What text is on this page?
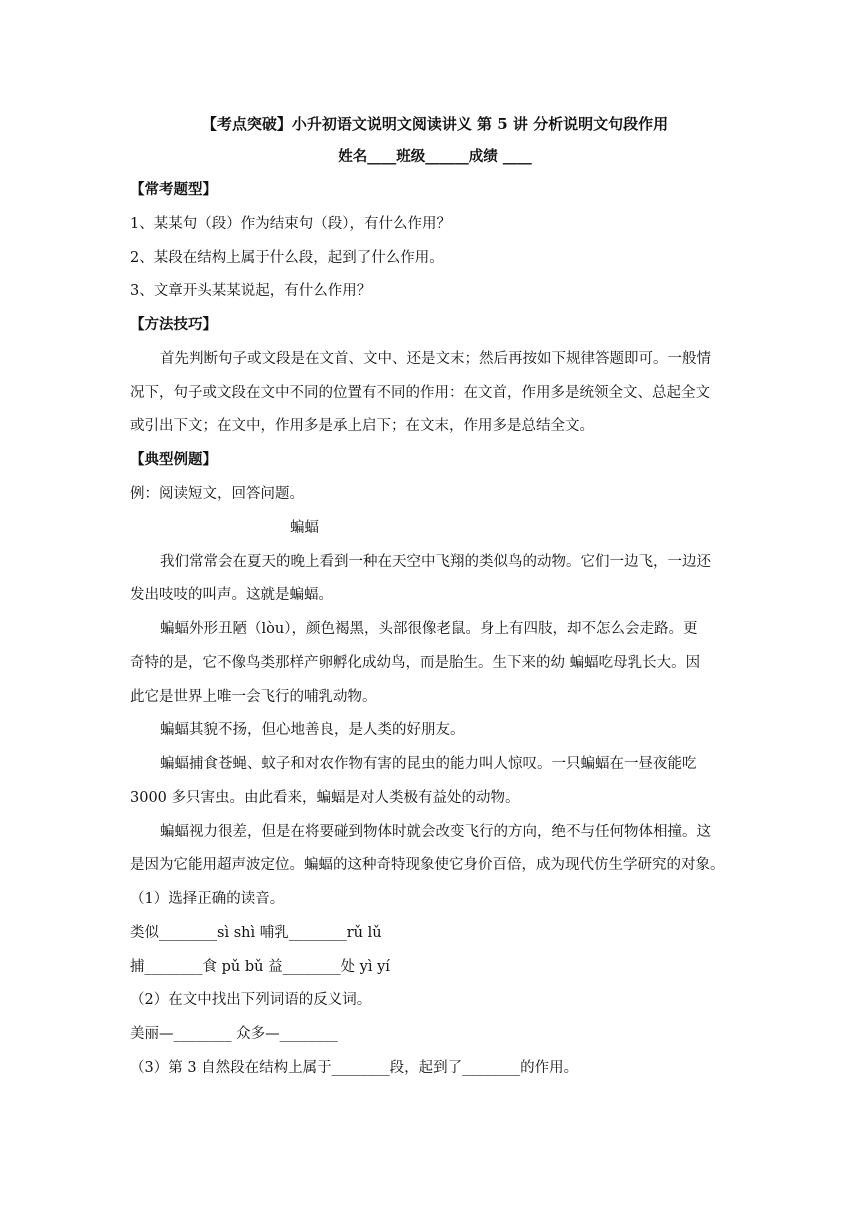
【考点突破】小升初语文说明文阅读讲义 第 5 讲 分析说明文句段作用
姓名____班级______成绩 ____
【常考题型】
1、某某句（段）作为结束句（段），有什么作用？
2、某段在结构上属于什么段，起到了什么作用。
3、文章开头某某说起，有什么作用？
【方法技巧】
首先判断句子或文段是在文首、文中、还是文末；然后再按如下规律答题即可。一般情
况下，句子或文段在文中不同的位置有不同的作用：在文首，作用多是统领全文、总起全文
或引出下文；在文中，作用多是承上启下；在文末，作用多是总结全文。
【典型例题】
例：阅读短文，回答问题。
蝙蝠
我们常常会在夏天的晚上看到一种在天空中飞翔的类似鸟的动物。它们一边飞，一边还
发出吱吱的叫声。这就是蝙蝠。
蝙蝠外形丑陋（lòu），颜色褐黑，头部很像老鼠。身上有四肢，却不怎么会走路。更
奇特的是，它不像鸟类那样产卵孵化成幼鸟，而是胎生。生下来的幼 蝙蝠吃母乳长大。因
此它是世界上唯一会飞行的哺乳动物。
蝙蝠其貌不扬，但心地善良，是人类的好朋友。
蝙蝠捕食苍蝇、蚊子和对农作物有害的昆虫的能力叫人惊叹。一只蝙蝠在一昼夜能吃
3000 多只害虫。由此看来，蝙蝠是对人类极有益处的动物。
蝙蝠视力很差，但是在将要碰到物体时就会改变飞行的方向，绝不与任何物体相撞。这
是因为它能用超声波定位。蝙蝠的这种奇特现象使它身价百倍，成为现代仿生学研究的对象。
（1）选择正确的读音。
类似________sì shì 哺乳________rǔ lǔ
捕________食 pǔ bǔ 益________处 yì yí
（2）在文中找出下列词语的反义词。
美丽—________ 众多—________
（3）第 3 自然段在结构上属于________段，起到了________的作用。
